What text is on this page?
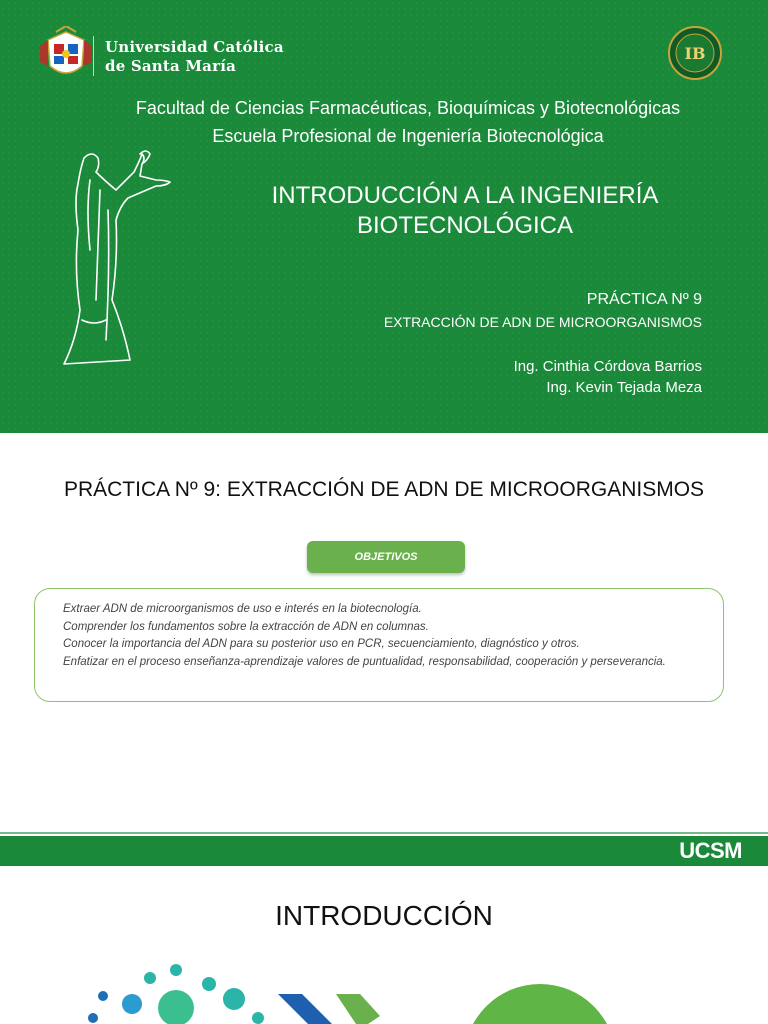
Universidad Católica
de Santa María
IB
Facultad de Ciencias Farmacéuticas, Bioquímicas y Biotecnológicas
Escuela Profesional de Ingeniería Biotecnológica
INTRODUCCIÓN A LA INGENIERÍA
BIOTECNOLÓGICA
PRÁCTICA Nº 9
EXTRACCIÓN DE ADN DE MICROORGANISMOS
Ing. Cinthia Córdova Barrios
Ing. Kevin Tejada Meza
PRÁCTICA Nº 9: EXTRACCIÓN DE ADN DE MICROORGANISMOS
OBJETIVOS
Extraer ADN de microorganismos de uso e interés en la biotecnología.
Comprender los fundamentos sobre la extracción de ADN en columnas.
Conocer la importancia del ADN para su posterior uso en PCR, secuenciamiento, diagnóstico y otros.
Enfatizar en el proceso enseñanza-aprendizaje valores de puntualidad, responsabilidad, cooperación y perseverancia.
UCSM
INTRODUCCIÓN
